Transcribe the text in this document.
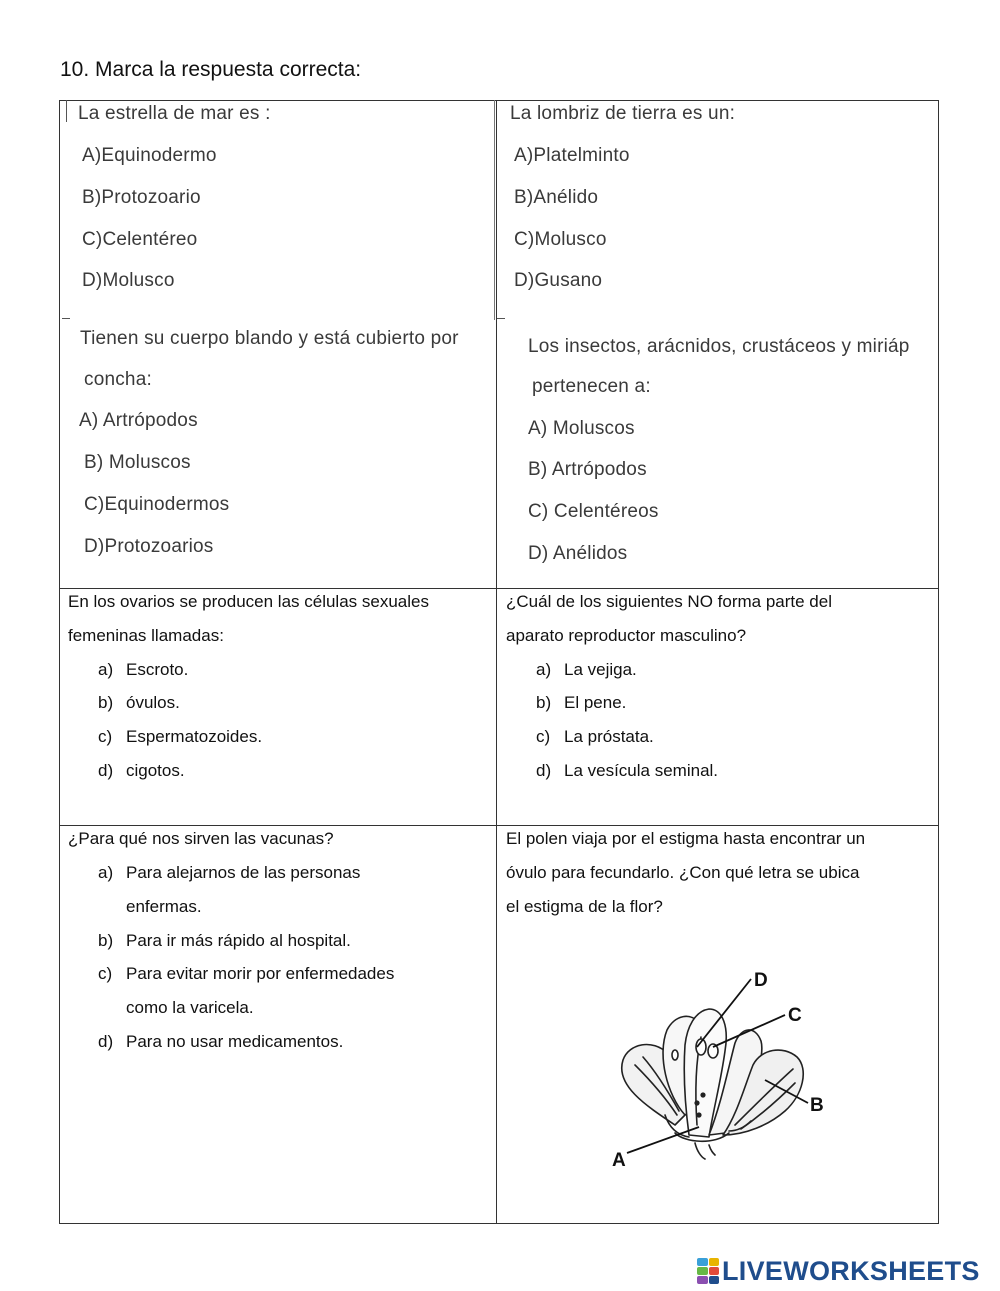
10. Marca la respuesta correcta:
La estrella de mar es :
A)Equinodermo
B)Protozoario
C)Celentéreo
D)Molusco
La lombriz de tierra es un:
A)Platelminto
B)Anélido
C)Molusco
D)Gusano
Tienen su cuerpo blando y está cubierto por
concha:
A) Artrópodos
B) Moluscos
C)Equinodermos
D)Protozoarios
Los insectos, arácnidos, crustáceos y miriáp
pertenecen a:
A) Moluscos
B) Artrópodos
C) Celentéreos
D) Anélidos
En los ovarios se producen las células sexuales
femeninas llamadas:
a) Escroto.
b) óvulos.
c) Espermatozoides.
d) cigotos.
¿Cuál de los siguientes NO forma parte del
aparato reproductor masculino?
a) La vejiga.
b) El pene.
c) La próstata.
d) La vesícula seminal.
¿Para qué nos sirven las vacunas?
a) Para alejarnos de las personas
enfermas.
b) Para ir más rápido al hospital.
c) Para evitar morir por enfermedades
como la varicela.
d) Para no usar medicamentos.
El polen viaja por el estigma hasta encontrar un
óvulo para fecundarlo. ¿Con qué letra se ubica
el estigma de la flor?
D
C
B
A
LIVEWORKSHEETS
